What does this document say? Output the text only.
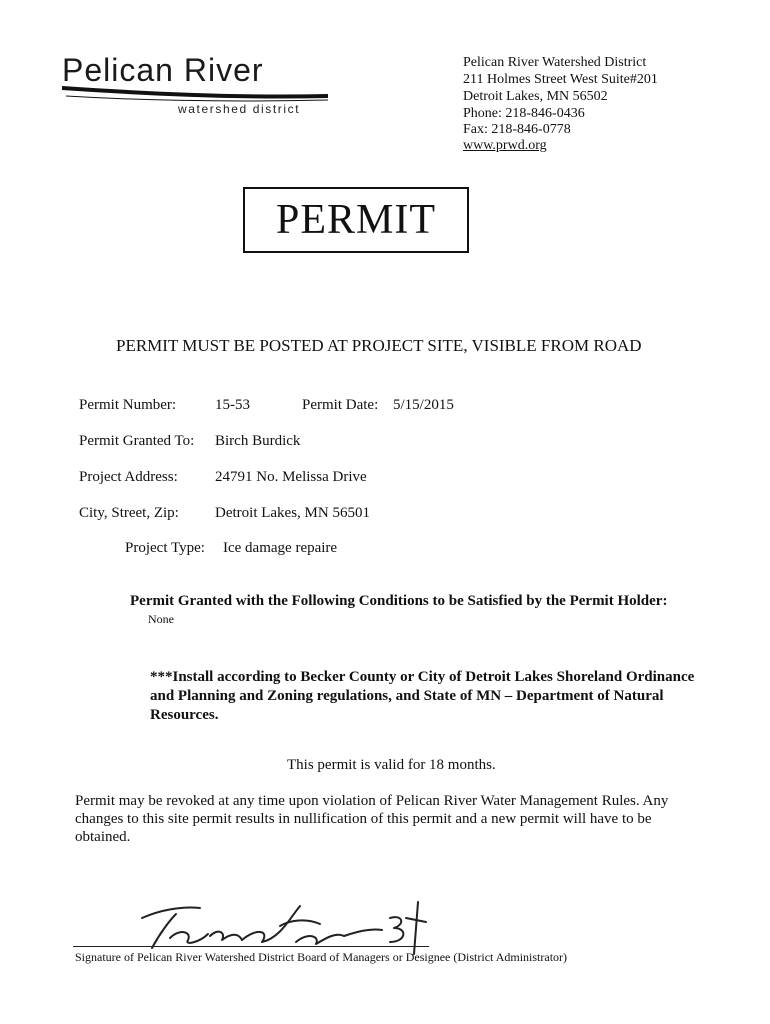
Pelican River
watershed district
Pelican River Watershed District
211 Holmes Street West Suite#201
Detroit Lakes, MN 56502
Phone: 218-846-0436
Fax: 218-846-0778
www.prwd.org
PERMIT
PERMIT MUST BE POSTED AT PROJECT SITE, VISIBLE FROM ROAD
Permit Number:	15-53	Permit Date: 5/15/2015
Permit Granted To: Birch Burdick
Project Address: 24791 No. Melissa Drive
City, Street, Zip: Detroit Lakes, MN 56501
Project Type: Ice damage repaire
Permit Granted with the Following Conditions to be Satisfied by the Permit Holder:
None
***Install according to Becker County or City of Detroit Lakes Shoreland Ordinance and Planning and Zoning regulations, and State of MN – Department of Natural Resources.
This permit is valid for 18 months.
Permit may be revoked at any time upon violation of Pelican River Water Management Rules. Any changes to this site permit results in nullification of this permit and a new permit will have to be obtained.
Signature of Pelican River Watershed District Board of Managers or Designee (District Administrator)
